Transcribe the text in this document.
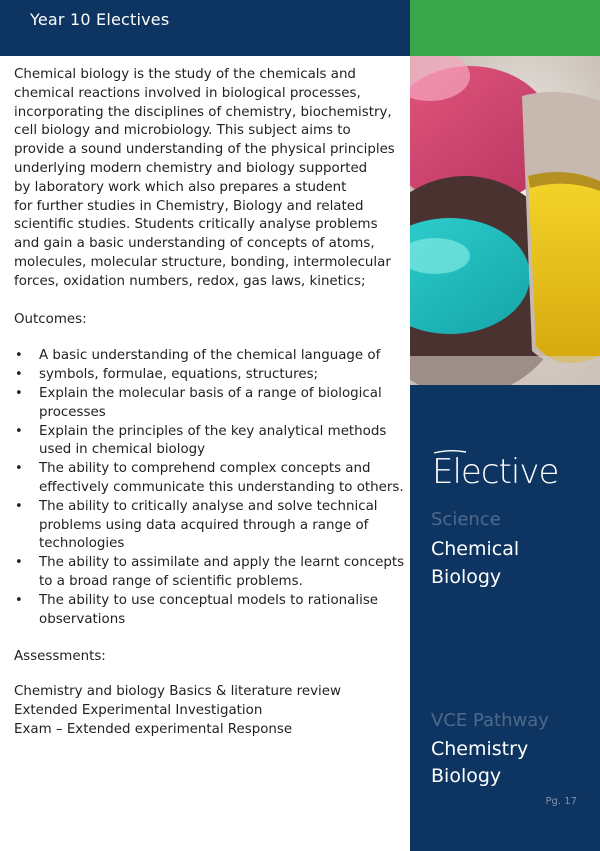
Year 10 Electives

Chemical biology is the study of the chemicals and
chemical reactions involved in biological processes,
incorporating the disciplines of chemistry, biochemistry,
cell biology and microbiology. This subject aims to
provide a sound understanding of the physical principles
underlying modern chemistry and biology supported
by laboratory work which also prepares a student
for further studies in Chemistry, Biology and related
scientific studies. Students critically analyse problems
and gain a basic understanding of concepts of atoms,
molecules, molecular structure, bonding, intermolecular
forces, oxidation numbers, redox, gas laws, kinetics;

Outcomes:
• A basic understanding of the chemical language of
• symbols, formulae, equations, structures;
• Explain the molecular basis of a range of biological processes
• Explain the principles of the key analytical methods used in chemical biology
• The ability to comprehend complex concepts and effectively communicate this understanding to others.
• The ability to critically analyse and solve technical problems using data acquired through a range of technologies
• The ability to assimilate and apply the learnt concepts to a broad range of scientific problems.
• The ability to use conceptual models to rationalise observations
Assessments:

Chemistry and biology Basics & literature review

Extended Experimental Investigation

Exam – Extended experimental Response

Elective
Science
Chemical
Biology
VCE Pathway
Chemistry
Biology
Pg. 17
